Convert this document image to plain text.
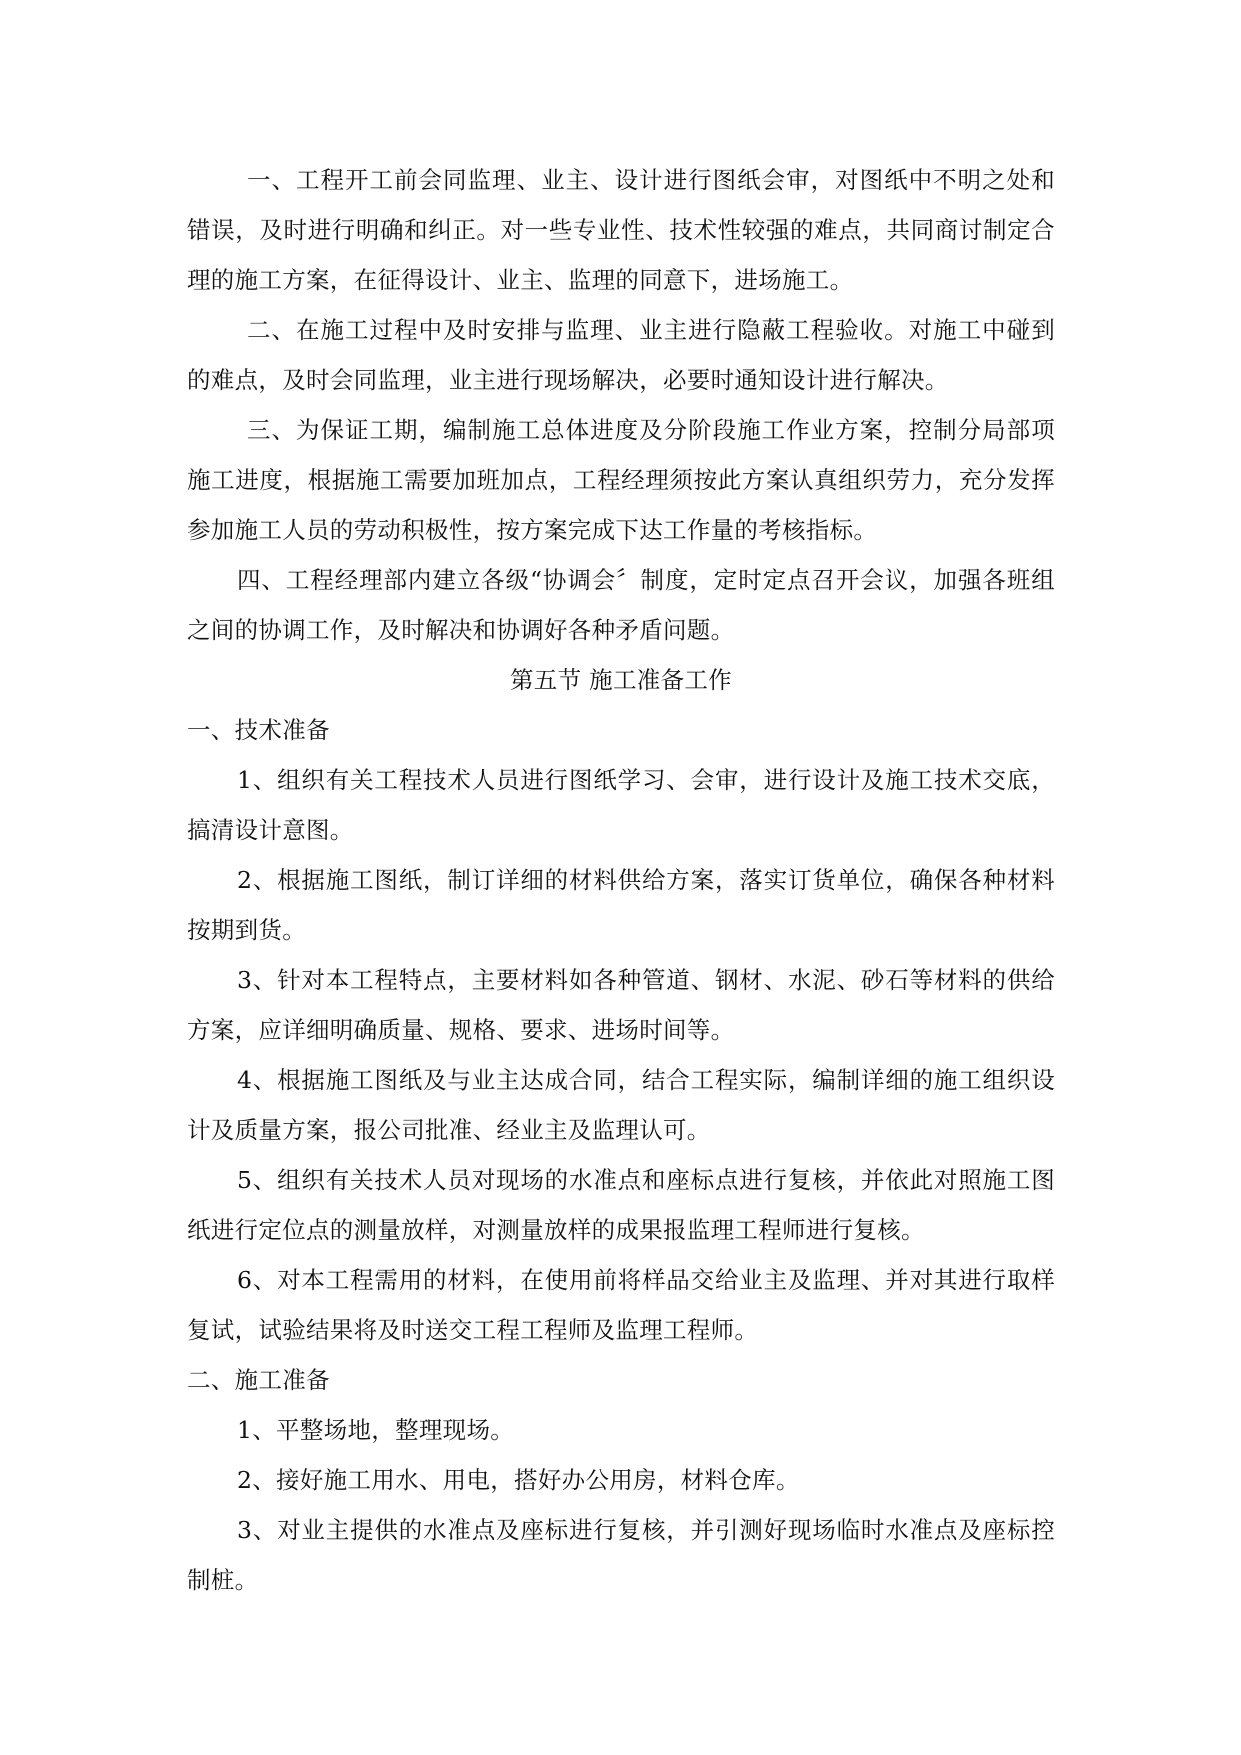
一、工程开工前会同监理、业主、设计进行图纸会审，对图纸中不明之处和错误，及时进行明确和纠正。对一些专业性、技术性较强的难点，共同商讨制定合理的施工方案，在征得设计、业主、监理的同意下，进场施工。

二、在施工过程中及时安排与监理、业主进行隐蔽工程验收。对施工中碰到的难点，及时会同监理，业主进行现场解决，必要时通知设计进行解决。

三、为保证工期，编制施工总体进度及分阶段施工作业方案，控制分局部项施工进度，根据施工需要加班加点，工程经理须按此方案认真组织劳力，充分发挥参加施工人员的劳动积极性，按方案完成下达工作量的考核指标。

四、工程经理部内建立各级“协调会〞制度，定时定点召开会议，加强各班组之间的协调工作，及时解决和协调好各种矛盾问题。

第五节 施工准备工作

一、技术准备

1、组织有关工程技术人员进行图纸学习、会审，进行设计及施工技术交底，搞清设计意图。

2、根据施工图纸，制订详细的材料供给方案，落实订货单位，确保各种材料按期到货。

3、针对本工程特点，主要材料如各种管道、钢材、水泥、砂石等材料的供给方案，应详细明确质量、规格、要求、进场时间等。

4、根据施工图纸及与业主达成合同，结合工程实际，编制详细的施工组织设计及质量方案，报公司批准、经业主及监理认可。

5、组织有关技术人员对现场的水准点和座标点进行复核，并依此对照施工图纸进行定位点的测量放样，对测量放样的成果报监理工程师进行复核。

6、对本工程需用的材料，在使用前将样品交给业主及监理、并对其进行取样复试，试验结果将及时送交工程工程师及监理工程师。

二、施工准备

1、平整场地，整理现场。

2、接好施工用水、用电，搭好办公用房，材料仓库。

3、对业主提供的水准点及座标进行复核，并引测好现场临时水准点及座标控制桩。
